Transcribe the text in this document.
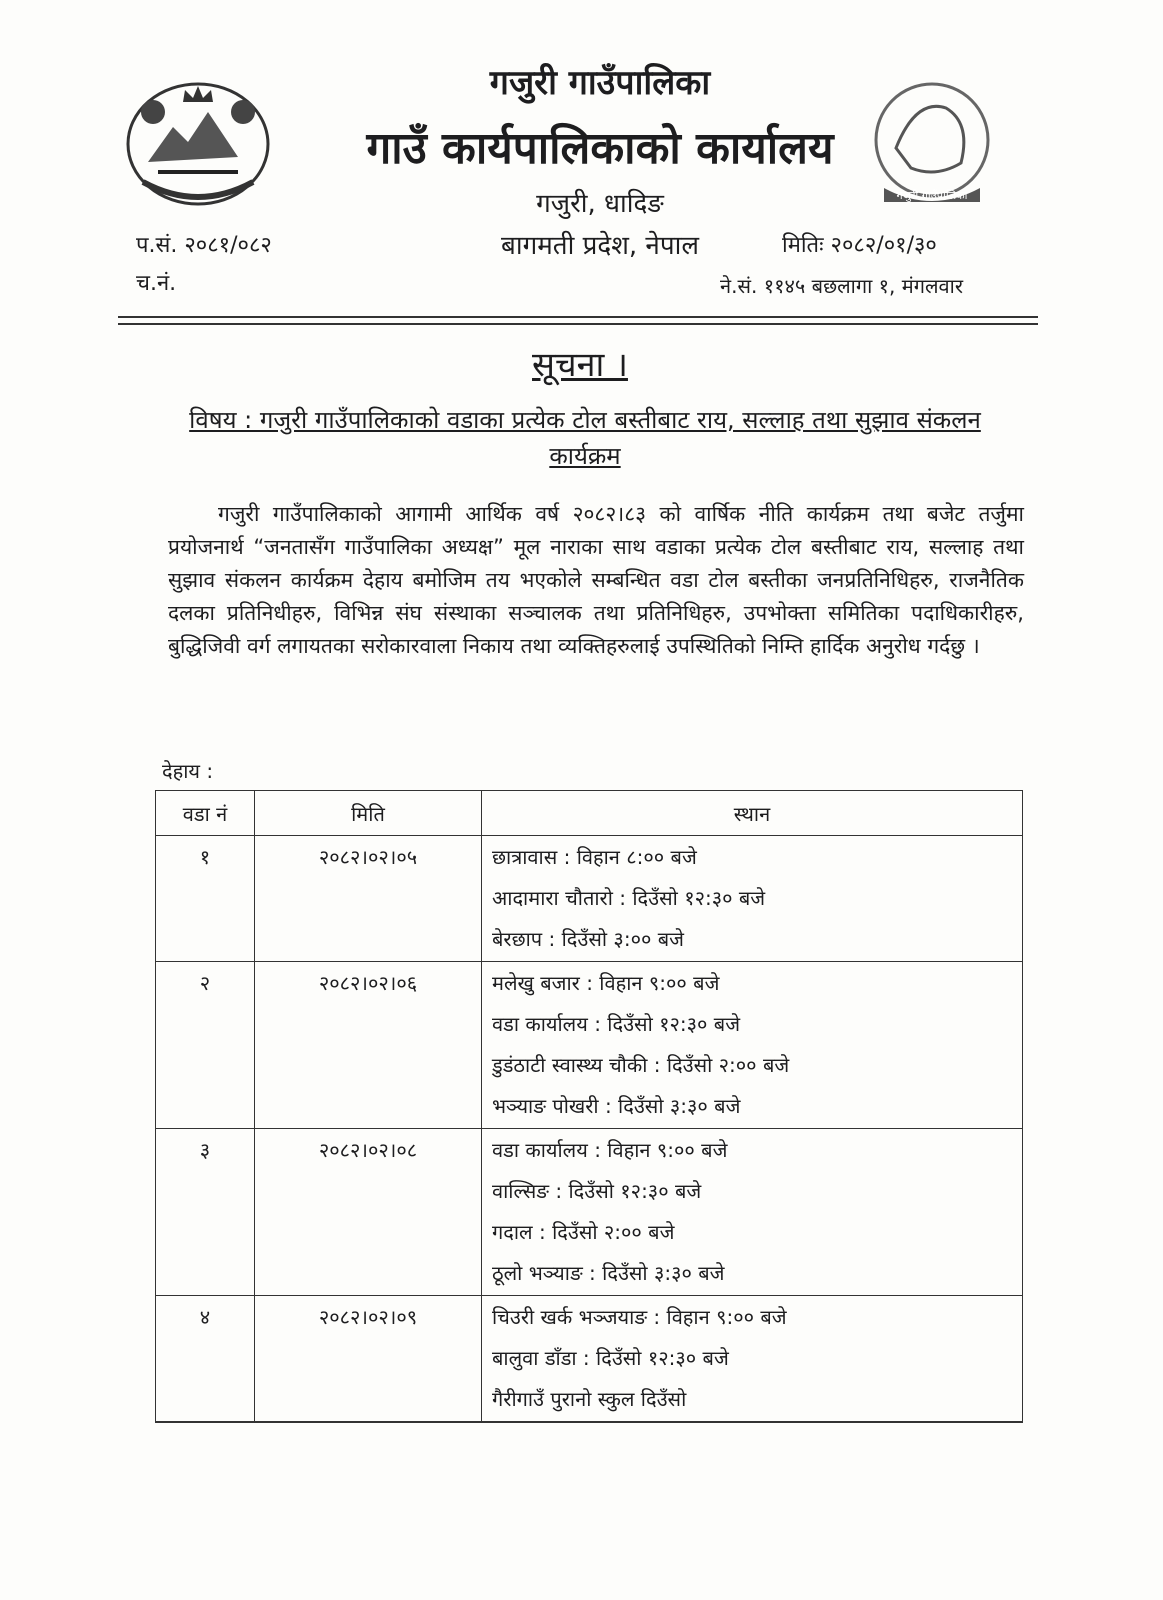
गजुरी गाउँपालिका
गाउँ कार्यपालिकाको कार्यालय
गजुरी, धादिङ
बागमती प्रदेश, नेपाल
गजुरी गाउँपालिका
प.सं. २०८१/०८२
च.नं.
मितिः २०८२/०१/३०
ने.सं. ११४५ बछलागा १, मंगलवार
सूचना ।
विषय : गजुरी गाउँपालिकाको वडाका प्रत्येक टोल बस्तीबाट राय, सल्लाह तथा सुझाव संकलन कार्यक्रम
गजुरी गाउँपालिकाको आगामी आर्थिक वर्ष २०८२।८३ को वार्षिक नीति कार्यक्रम तथा बजेट तर्जुमा प्रयोजनार्थ “जनतासँग गाउँपालिका अध्यक्ष” मूल नाराका साथ वडाका प्रत्येक टोल बस्तीबाट राय, सल्लाह तथा सुझाव संकलन कार्यक्रम देहाय बमोजिम तय भएकोले सम्बन्धित वडा टोल बस्तीका जनप्रतिनिधिहरु, राजनैतिक दलका प्रतिनिधीहरु, विभिन्न संघ संस्थाका सञ्चालक तथा प्रतिनिधिहरु, उपभोक्ता समितिका पदाधिकारीहरु, बुद्धिजिवी वर्ग लगायतका सरोकारवाला निकाय तथा व्यक्तिहरुलाई उपस्थितिको निम्ति हार्दिक अनुरोध गर्दछु ।
देहाय :
वडा नं	मिति	स्थान

१	२०८२।०२।०५	छात्रावास : विहान ८:०० बजे
आदामारा चौतारो : दिउँसो १२:३० बजे
बेरछाप : दिउँसो ३:०० बजे

२	२०८२।०२।०६	मलेखु बजार : विहान ९:०० बजे
वडा कार्यालय : दिउँसो १२:३० बजे
डुडंठाटी स्वास्थ्य चौकी : दिउँसो २:०० बजे
भञ्याङ पोखरी : दिउँसो ३:३० बजे

३	२०८२।०२।०८	वडा कार्यालय : विहान ९:०० बजे
वाल्सिङ : दिउँसो १२:३० बजे
गदाल : दिउँसो २:०० बजे
ठूलो भञ्याङ : दिउँसो ३:३० बजे

४	२०८२।०२।०९	चिउरी खर्क भञ्जयाङ : विहान ९:०० बजे
बालुवा डाँडा : दिउँसो १२:३० बजे
गैरीगाउँ पुरानो स्कुल दिउँसो
